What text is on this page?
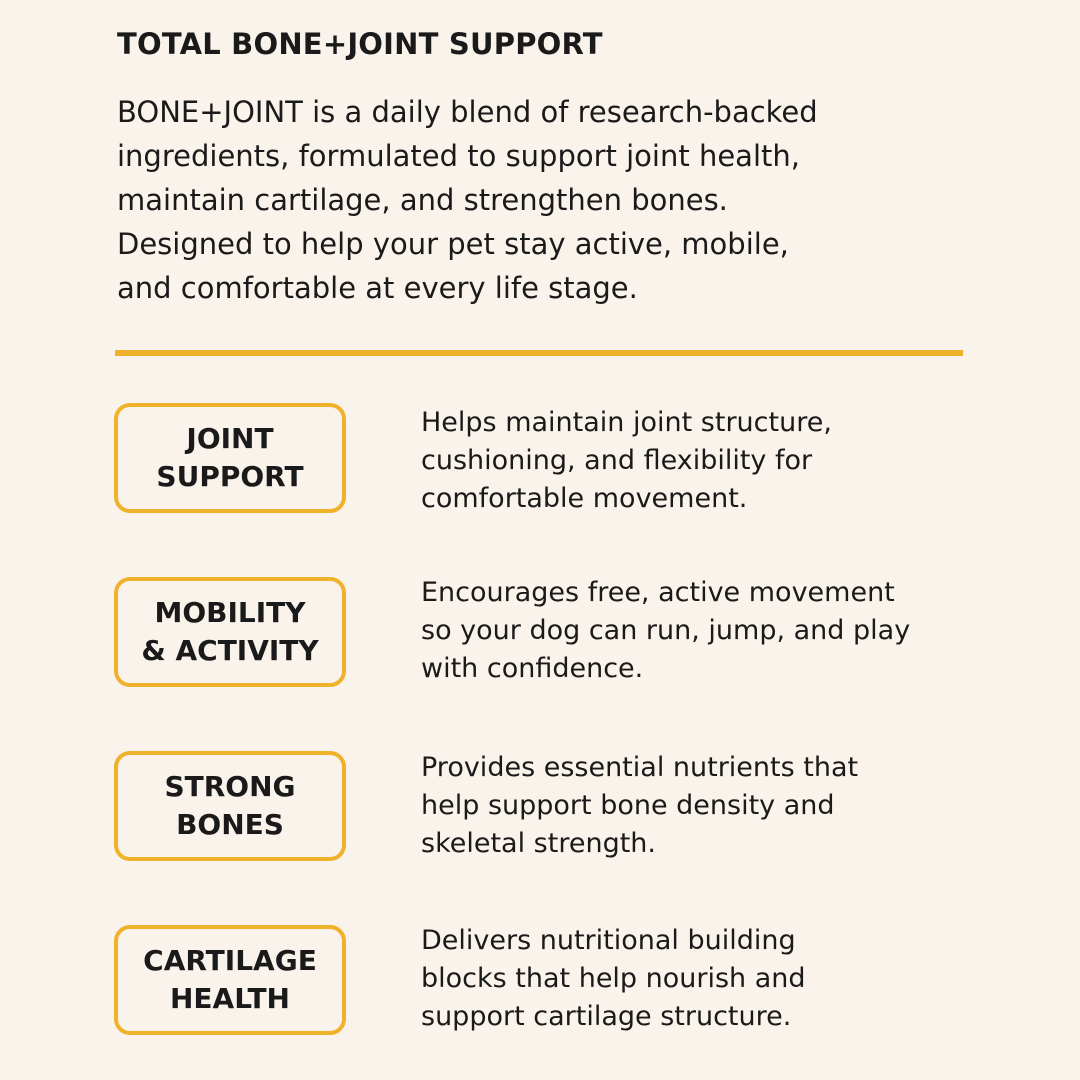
TOTAL BONE+JOINT SUPPORT

BONE+JOINT is a daily blend of research-backed
ingredients, formulated to support joint health,
maintain cartilage, and strengthen bones.
Designed to help your pet stay active, mobile,
and comfortable at every life stage.

JOINT
SUPPORT

Helps maintain joint structure,
cushioning, and flexibility for
comfortable movement.

MOBILITY
& ACTIVITY

Encourages free, active movement
so your dog can run, jump, and play
with confidence.

STRONG
BONES

Provides essential nutrients that
help support bone density and
skeletal strength.

CARTILAGE
HEALTH

Delivers nutritional building
blocks that help nourish and
support cartilage structure.
